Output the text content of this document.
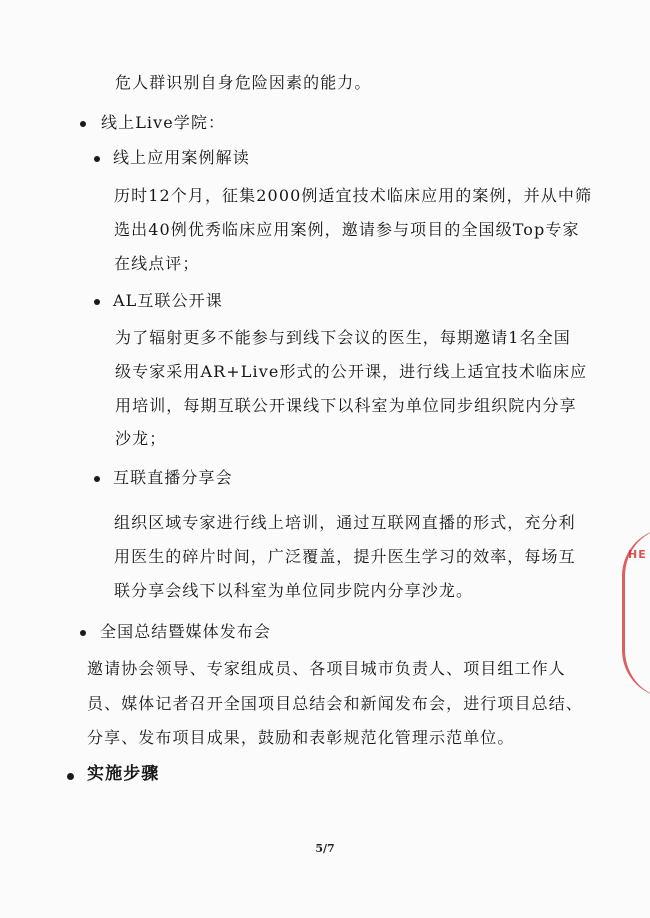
危人群识别自身危险因素的能力。
线上Live学院：
线上应用案例解读
历时12个月，征集2000例适宜技术临床应用的案例，并从中筛
选出40例优秀临床应用案例，邀请参与项目的全国级Top专家
在线点评；
AL互联公开课
为了辐射更多不能参与到线下会议的医生，每期邀请1名全国
级专家采用AR+Live形式的公开课，进行线上适宜技术临床应
用培训，每期互联公开课线下以科室为单位同步组织院内分享
沙龙；
互联直播分享会
组织区域专家进行线上培训，通过互联网直播的形式，充分利
用医生的碎片时间，广泛覆盖，提升医生学习的效率，每场互
联分享会线下以科室为单位同步院内分享沙龙。
全国总结暨媒体发布会
邀请协会领导、专家组成员、各项目城市负责人、项目组工作人
员、媒体记者召开全国项目总结会和新闻发布会，进行项目总结、
分享、发布项目成果，鼓励和表彰规范化管理示范单位。
实施步骤
HE
5/7
